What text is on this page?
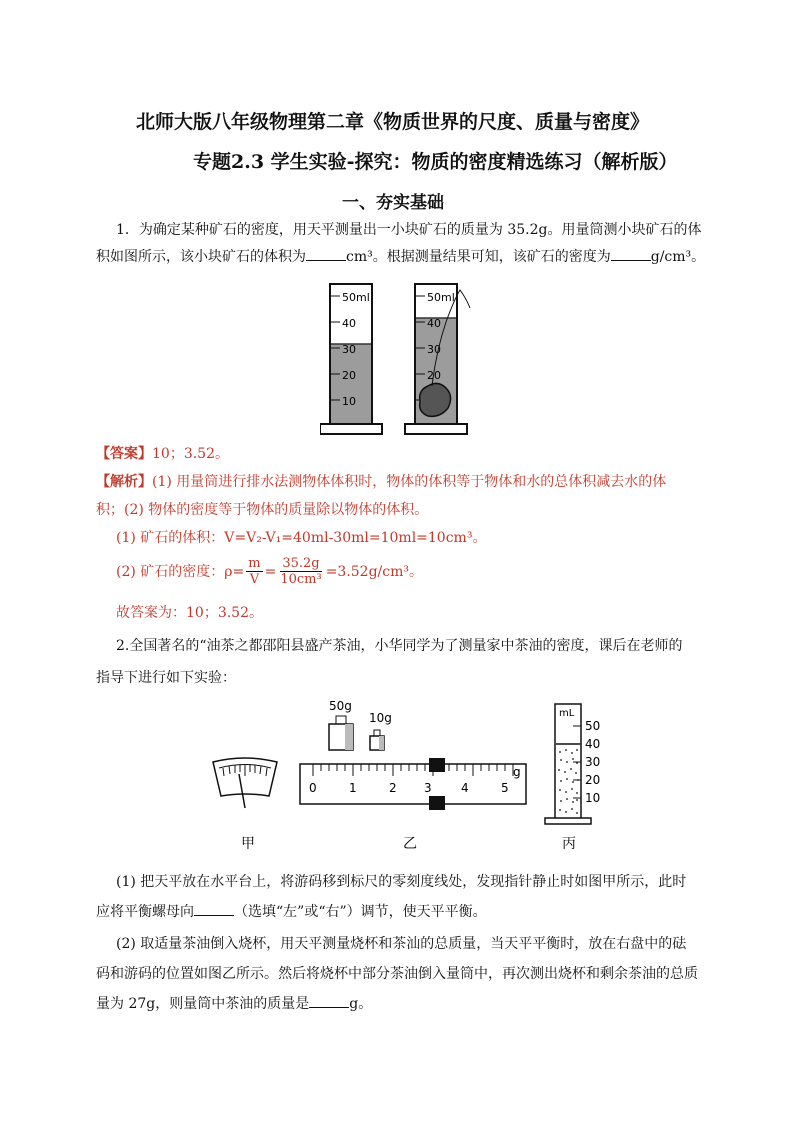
北师大版八年级物理第二章《物质世界的尺度、质量与密度》
专题2.3 学生实验-探究：物质的密度精选练习（解析版）
一、夯实基础
1．为确定某种矿石的密度，用天平测量出一小块矿石的质量为 35.2g。用量筒测小块矿石的体
积如图所示，该小块矿石的体积为	cm³。根据测量结果可知，该矿石的密度为	g/cm³。
50ml
40
30
20
10
50ml
40
30
20
【答案】10；3.52。
【解析】(1) 用量筒进行排水法测物体体积时，物体的体积等于物体和水的总体积减去水的体
积；(2) 物体的密度等于物体的质量除以物体的体积。
(1) 矿石的体积：V=V₂-V₁=40ml-30ml=10ml=10cm³。
(2) 矿石的密度：$\rho= \frac{m}{V} = \frac{35.2g}{\text{10cm³}} =3.52g/cm^3$。
故答案为：10；3.52。
2.全国著名的“油茶之都邵阳县盛产茶油，小华同学为了测量家中茶油的密度，课后在老师的
指导下进行如下实验：
50g
10g
0	1	2 3 4	5
g
mL
50
40
30
20
10
甲	乙	丙
(1) 把天平放在水平台上，将游码移到标尺的零刻度线处，发现指针静止时如图甲所示，此时
应将平衡螺母向	（选填“左”或“右”）调节，使天平平衡。
(2) 取适量茶油倒入烧杯，用天平测量烧杯和茶汕的总质量，当天平平衡时，放在右盘中的砝
码和游码的位置如图乙所示。然后将烧杯中部分茶油倒入量筒中，再次测出烧杯和剩余茶油的总质
量为 27g，则量筒中茶油的质量是	g。
